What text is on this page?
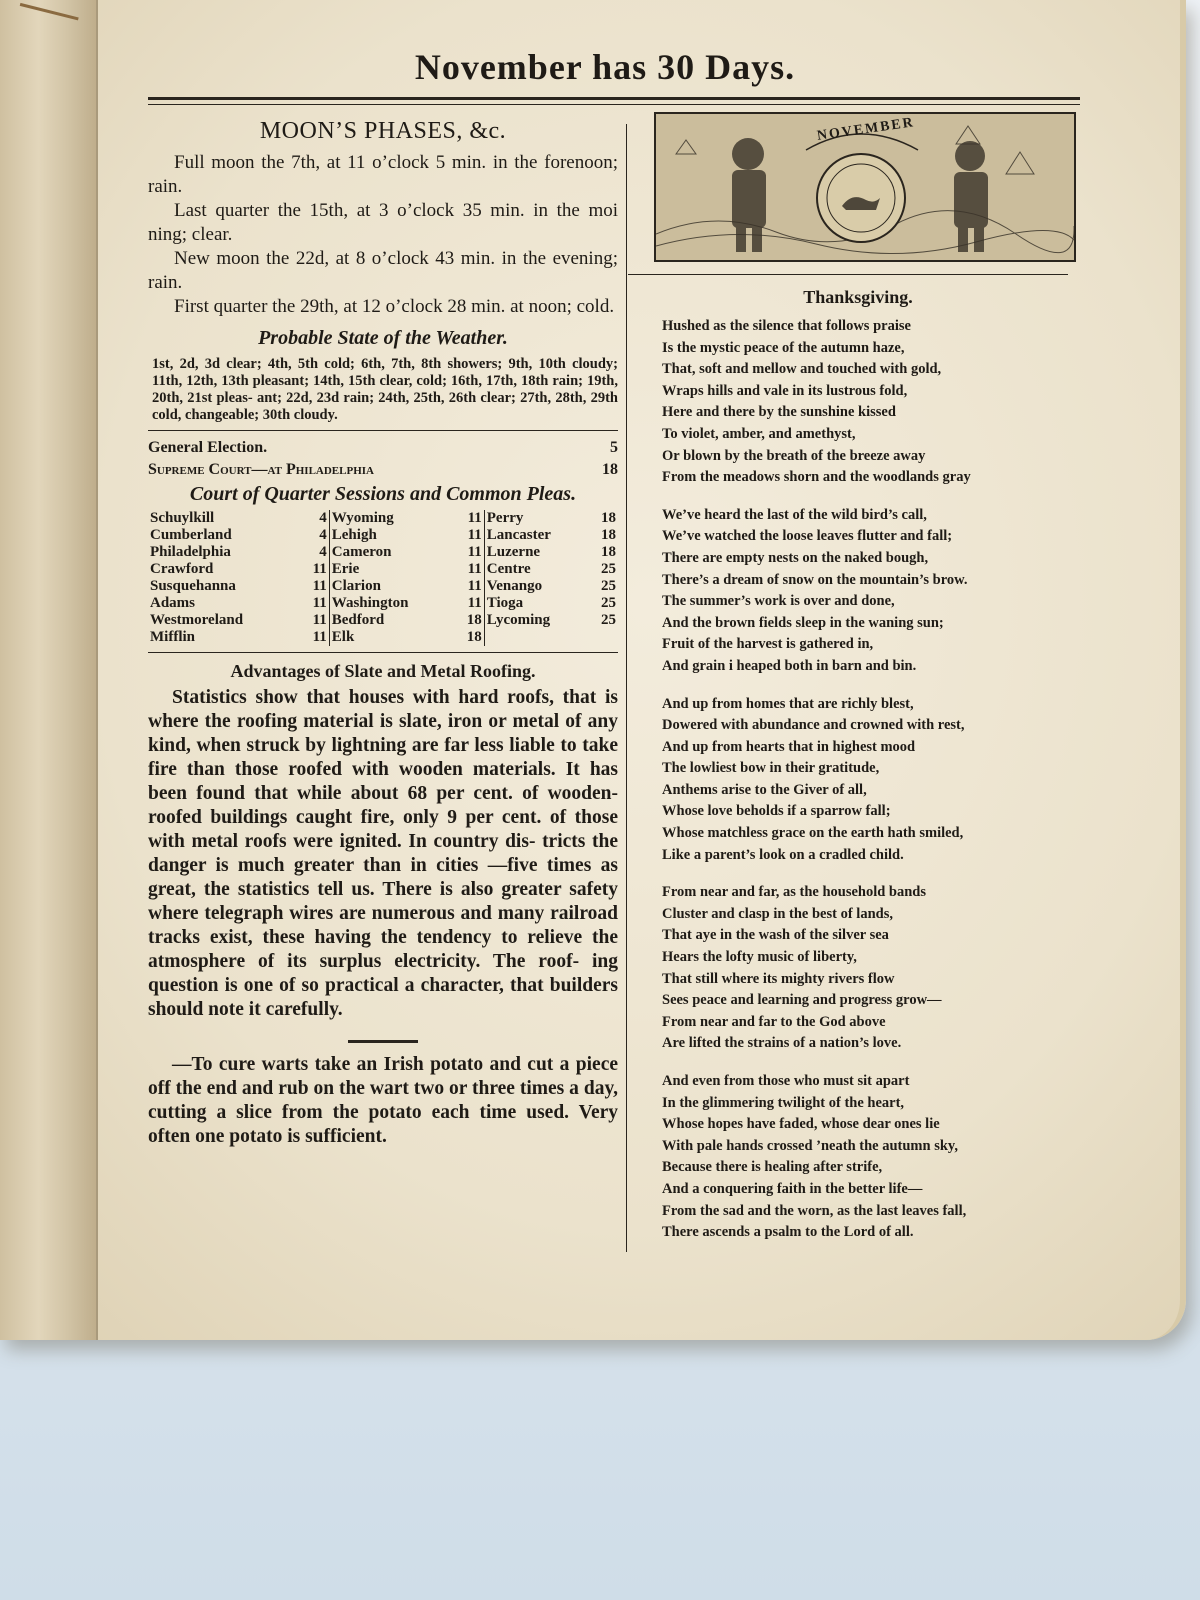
November has 30 Days.
MOON’S PHASES, &c.

Full moon the 7th, at 11 o’clock 5 min. in the forenoon; rain.

Last quarter the 15th, at 3 o’clock 35 min. in the moi ning; clear.

New moon the 22d, at 8 o’clock 43 min. in the evening; rain.

First quarter the 29th, at 12 o’clock 28 min. at noon; cold.

Probable State of the Weather.
1st, 2d, 3d clear; 4th, 5th cold; 6th, 7th, 8th showers; 9th, 10th cloudy; 11th, 12th, 13th pleasant; 14th, 15th clear, cold; 16th, 17th, 18th rain; 19th, 20th, 21st pleas- ant; 22d, 23d rain; 24th, 25th, 26th clear; 27th, 28th, 29th cold, changeable; 30th cloudy.
General Election.	5
Supreme Court—at Philadelphia	18
Court of Quarter Sessions and Common Pleas.
Schuylkill	4	Wyoming	11	Perry	18
Cumberland	4	Lehigh	11	Lancaster	18
Philadelphia	4	Cameron	11	Luzerne	18
Crawford	11	Erie	11	Centre	25
Susquehanna	11	Clarion	11	Venango	25
Adams	11	Washington	11	Tioga	25
Westmoreland	11	Bedford	18	Lycoming	25
Mifflin	11	Elk	18		
Advantages of Slate and Metal Roofing.

Statistics show that houses with hard roofs, that is where the roofing material is slate, iron or metal of any kind, when struck by lightning are far less liable to take fire than those roofed with wooden materials. It has been found that while about 68 per cent. of wooden-roofed buildings caught fire, only 9 per cent. of those with metal roofs were ignited. In country dis- tricts the danger is much greater than in cities —five times as great, the statistics tell us. There is also greater safety where telegraph wires are numerous and many railroad tracks exist, these having the tendency to relieve the atmosphere of its surplus electricity. The roof- ing question is one of so practical a character, that builders should note it carefully.

—To cure warts take an Irish potato and cut a piece off the end and rub on the wart two or three times a day, cutting a slice from the potato each time used. Very often one potato is sufficient.

NOVEMBER
Thanksgiving.
Hushed as the silence that follows praise
Is the mystic peace of the autumn haze,
That, soft and mellow and touched with gold,
Wraps hills and vale in its lustrous fold,
Here and there by the sunshine kissed
To violet, amber, and amethyst,
Or blown by the breath of the breeze away
From the meadows shorn and the woodlands gray
We’ve heard the last of the wild bird’s call,
We’ve watched the loose leaves flutter and fall;
There are empty nests on the naked bough,
There’s a dream of snow on the mountain’s brow.
The summer’s work is over and done,
And the brown fields sleep in the waning sun;
Fruit of the harvest is gathered in,
And grain i heaped both in barn and bin.
And up from homes that are richly blest,
Dowered with abundance and crowned with rest,
And up from hearts that in highest mood
The lowliest bow in their gratitude,
Anthems arise to the Giver of all,
Whose love beholds if a sparrow fall;
Whose matchless grace on the earth hath smiled,
Like a parent’s look on a cradled child.
From near and far, as the household bands
Cluster and clasp in the best of lands,
That aye in the wash of the silver sea
Hears the lofty music of liberty,
That still where its mighty rivers flow
Sees peace and learning and progress grow—
From near and far to the God above
Are lifted the strains of a nation’s love.
And even from those who must sit apart
In the glimmering twilight of the heart,
Whose hopes have faded, whose dear ones lie
With pale hands crossed ’neath the autumn sky,
Because there is healing after strife,
And a conquering faith in the better life—
From the sad and the worn, as the last leaves fall,
There ascends a psalm to the Lord of all.
